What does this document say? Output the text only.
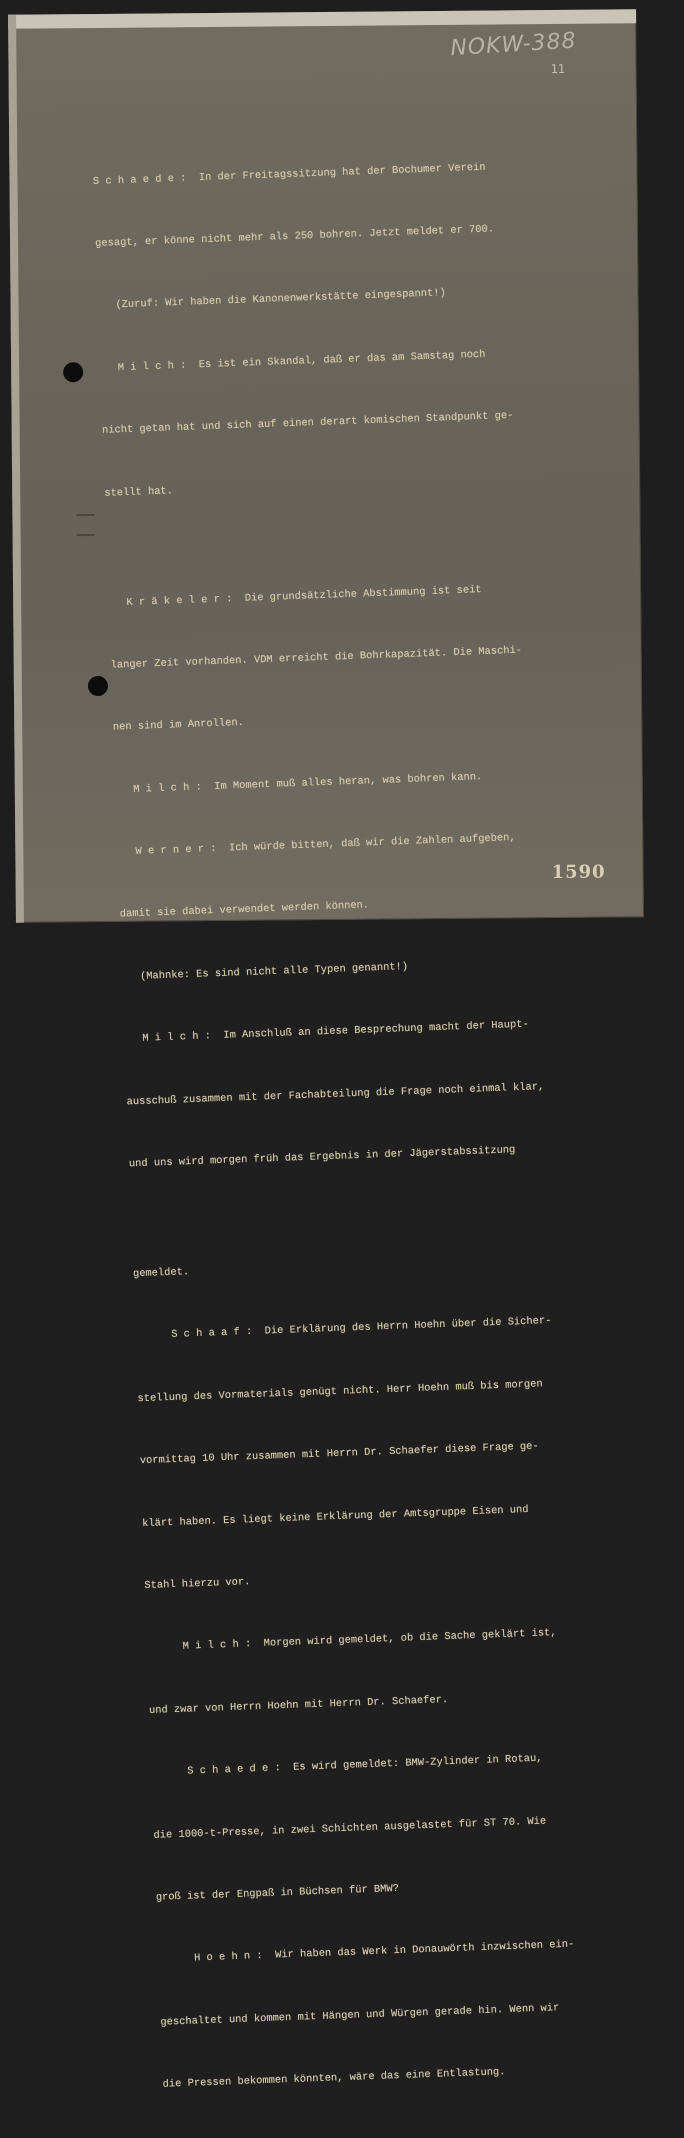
NOKW-388
11

S c h a e d e :  In der Freitagssitzung hat der Bochumer Verein

gesagt, er könne nicht mehr als 250 bohren. Jetzt meldet er 700.

(Zuruf: Wir haben die Kanonenwerkstätte eingespannt!)

M i l c h :  Es ist ein Skandal, daß er das am Samstag noch

nicht getan hat und sich auf einen derart komischen Standpunkt ge-

stellt hat.

K r ä k e l e r :  Die grundsätzliche Abstimmung ist seit

langer Zeit vorhanden. VDM erreicht die Bohrkapazität. Die Maschi-

nen sind im Anrollen.

M i l c h :  Im Moment muß alles heran, was bohren kann.

W e r n e r :  Ich würde bitten, daß wir die Zahlen aufgeben,

damit sie dabei verwendet werden können.

(Mahnke: Es sind nicht alle Typen genannt!)

M i l c h :  Im Anschluß an diese Besprechung macht der Haupt-

ausschuß zusammen mit der Fachabteilung die Frage noch einmal klar,

und uns wird morgen früh das Ergebnis in der Jägerstabssitzung

gemeldet.

S c h a a f :  Die Erklärung des Herrn Hoehn über die Sicher-

stellung des Vormaterials genügt nicht. Herr Hoehn muß bis morgen

vormittag 10 Uhr zusammen mit Herrn Dr. Schaefer diese Frage ge-

klärt haben. Es liegt keine Erklärung der Amtsgruppe Eisen und

Stahl hierzu vor.

M i l c h :  Morgen wird gemeldet, ob die Sache geklärt ist,

und zwar von Herrn Hoehn mit Herrn Dr. Schaefer.

S c h a e d e :  Es wird gemeldet: BMW-Zylinder in Rotau,

die 1000-t-Presse, in zwei Schichten ausgelastet für ST 70. Wie

groß ist der Engpaß in Büchsen für BMW?

H o e h n :  Wir haben das Werk in Donauwörth inzwischen ein-

geschaltet und kommen mit Hängen und Würgen gerade hin. Wenn wir

die Pressen bekommen könnten, wäre das eine Entlastung.

1590
